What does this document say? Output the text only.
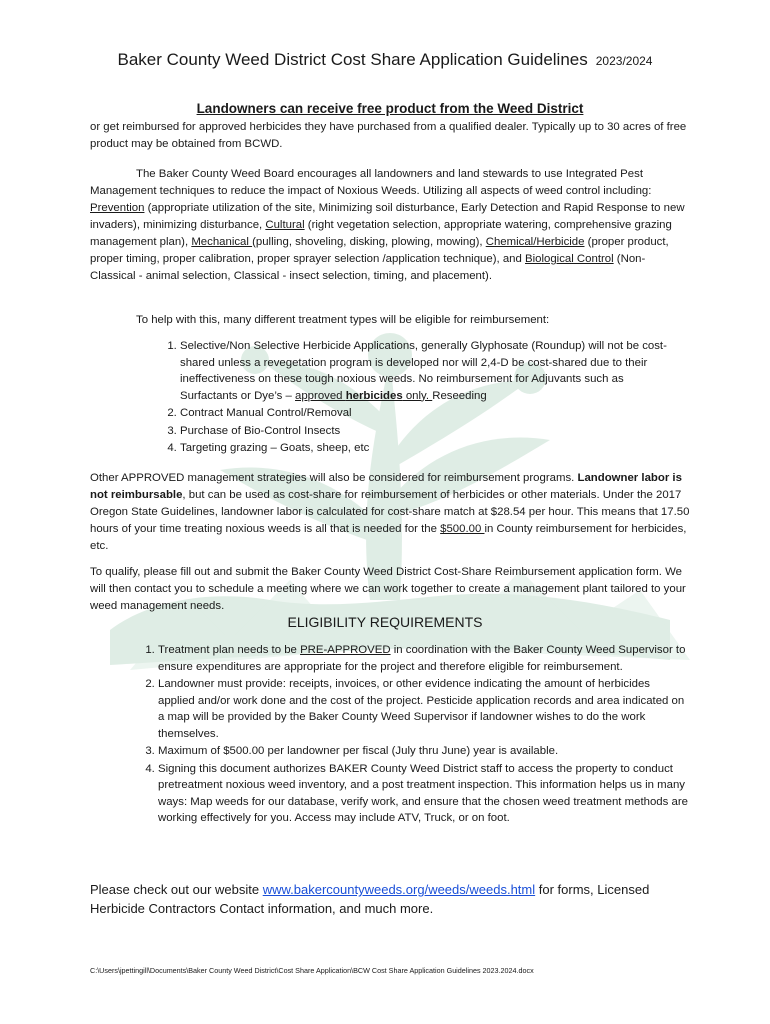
Baker County Weed District Cost Share Application Guidelines 2023/2024
Landowners can receive free product from the Weed District
or get reimbursed for approved herbicides they have purchased from a qualified dealer. Typically up to 30 acres of free product may be obtained from BCWD.
The Baker County Weed Board encourages all landowners and land stewards to use Integrated Pest Management techniques to reduce the impact of Noxious Weeds. Utilizing all aspects of weed control including: Prevention (appropriate utilization of the site, Minimizing soil disturbance, Early Detection and Rapid Response to new invaders), minimizing disturbance, Cultural (right vegetation selection, appropriate watering, comprehensive grazing management plan), Mechanical (pulling, shoveling, disking, plowing, mowing), Chemical/Herbicide (proper product, proper timing, proper calibration, proper sprayer selection /application technique), and Biological Control (Non-Classical - animal selection, Classical - insect selection, timing, and placement).
To help with this, many different treatment types will be eligible for reimbursement:
1. Selective/Non Selective Herbicide Applications, generally Glyphosate (Roundup) will not be cost-shared unless a revegetation program is developed nor will 2,4-D be cost-shared due to their ineffectiveness on these tough noxious weeds. No reimbursement for Adjuvants such as Surfactants or Dye’s – approved herbicides only. Reseeding
2. Contract Manual Control/Removal
3. Purchase of Bio-Control Insects
4. Targeting grazing – Goats, sheep, etc
Other APPROVED management strategies will also be considered for reimbursement programs. Landowner labor is not reimbursable, but can be used as cost-share for reimbursement of herbicides or other materials. Under the 2017 Oregon State Guidelines, landowner labor is calculated for cost-share match at $28.54 per hour. This means that 17.50 hours of your time treating noxious weeds is all that is needed for the $500.00 in County reimbursement for herbicides, etc.
To qualify, please fill out and submit the Baker County Weed District Cost-Share Reimbursement application form. We will then contact you to schedule a meeting where we can work together to create a management plant tailored to your weed management needs.
ELIGIBILITY REQUIREMENTS
1. Treatment plan needs to be PRE-APPROVED in coordination with the Baker County Weed Supervisor to ensure expenditures are appropriate for the project and therefore eligible for reimbursement.
2. Landowner must provide: receipts, invoices, or other evidence indicating the amount of herbicides applied and/or work done and the cost of the project. Pesticide application records and area indicated on a map will be provided by the Baker County Weed Supervisor if landowner wishes to do the work themselves.
3. Maximum of $500.00 per landowner per fiscal (July thru June) year is available.
4. Signing this document authorizes BAKER County Weed District staff to access the property to conduct pretreatment noxious weed inventory, and a post treatment inspection. This information helps us in many ways: Map weeds for our database, verify work, and ensure that the chosen weed treatment methods are working effectively for you. Access may include ATV, Truck, or on foot.
Please check out our website www.bakercountyweeds.org/weeds/weeds.html for forms, Licensed Herbicide Contractors Contact information, and much more.
C:\Users\jpettingill\Documents\Baker County Weed District\Cost Share Application\BCW Cost Share Application Guidelines 2023.2024.docx
